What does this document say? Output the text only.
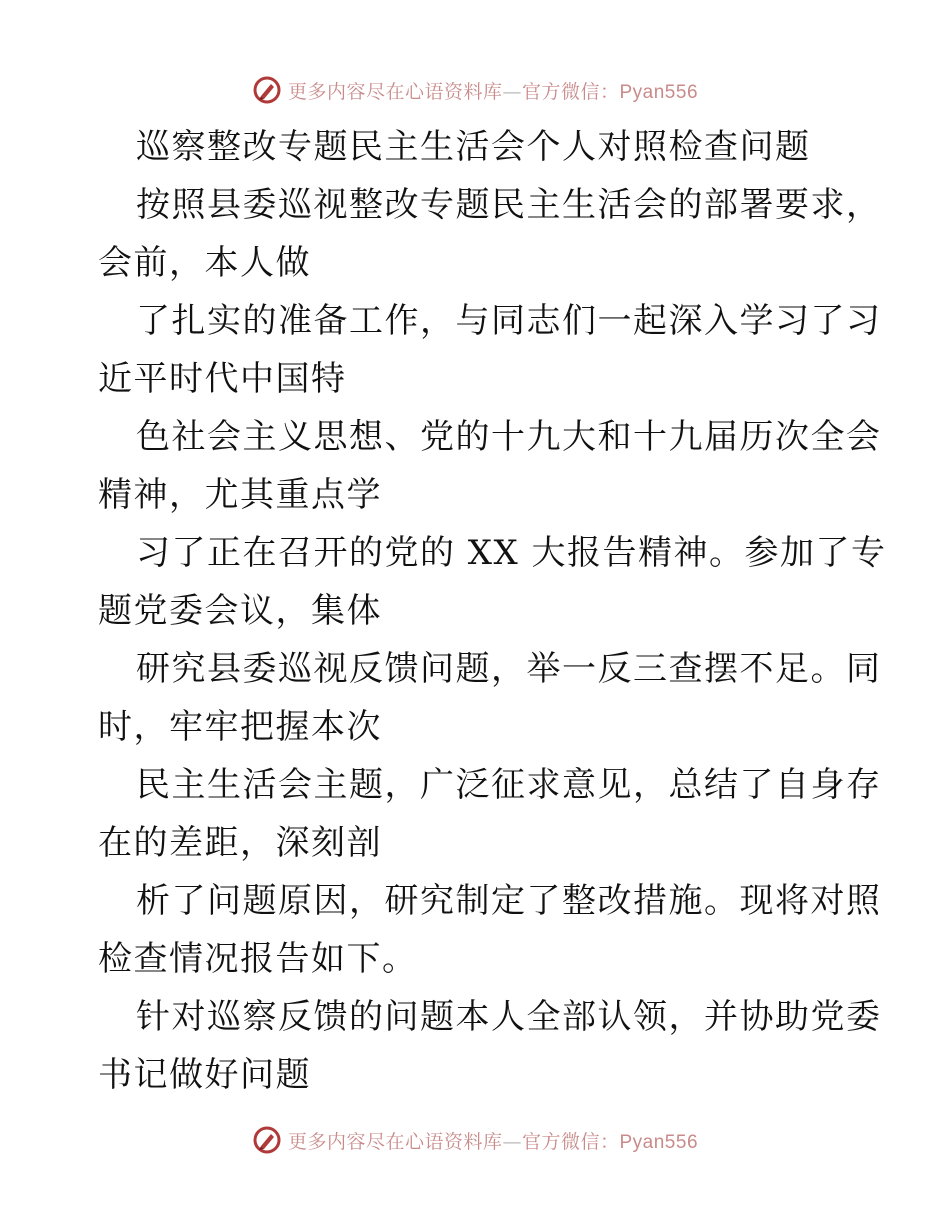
更多内容尽在心语资料库—官方微信：Pyan556
巡察整改专题民主生活会个人对照检查问题
按照县委巡视整改专题民主生活会的部署要求，
会前，本人做
了扎实的准备工作，与同志们一起深入学习了习
近平时代中国特
色社会主义思想、党的十九大和十九届历次全会
精神，尤其重点学
习了正在召开的党的 XX 大报告精神。参加了专
题党委会议，集体
研究县委巡视反馈问题，举一反三查摆不足。同
时，牢牢把握本次
民主生活会主题，广泛征求意见，总结了自身存
在的差距，深刻剖
析了问题原因，研究制定了整改措施。现将对照
检查情况报告如下。
针对巡察反馈的问题本人全部认领，并协助党委
书记做好问题
更多内容尽在心语资料库—官方微信：Pyan556
